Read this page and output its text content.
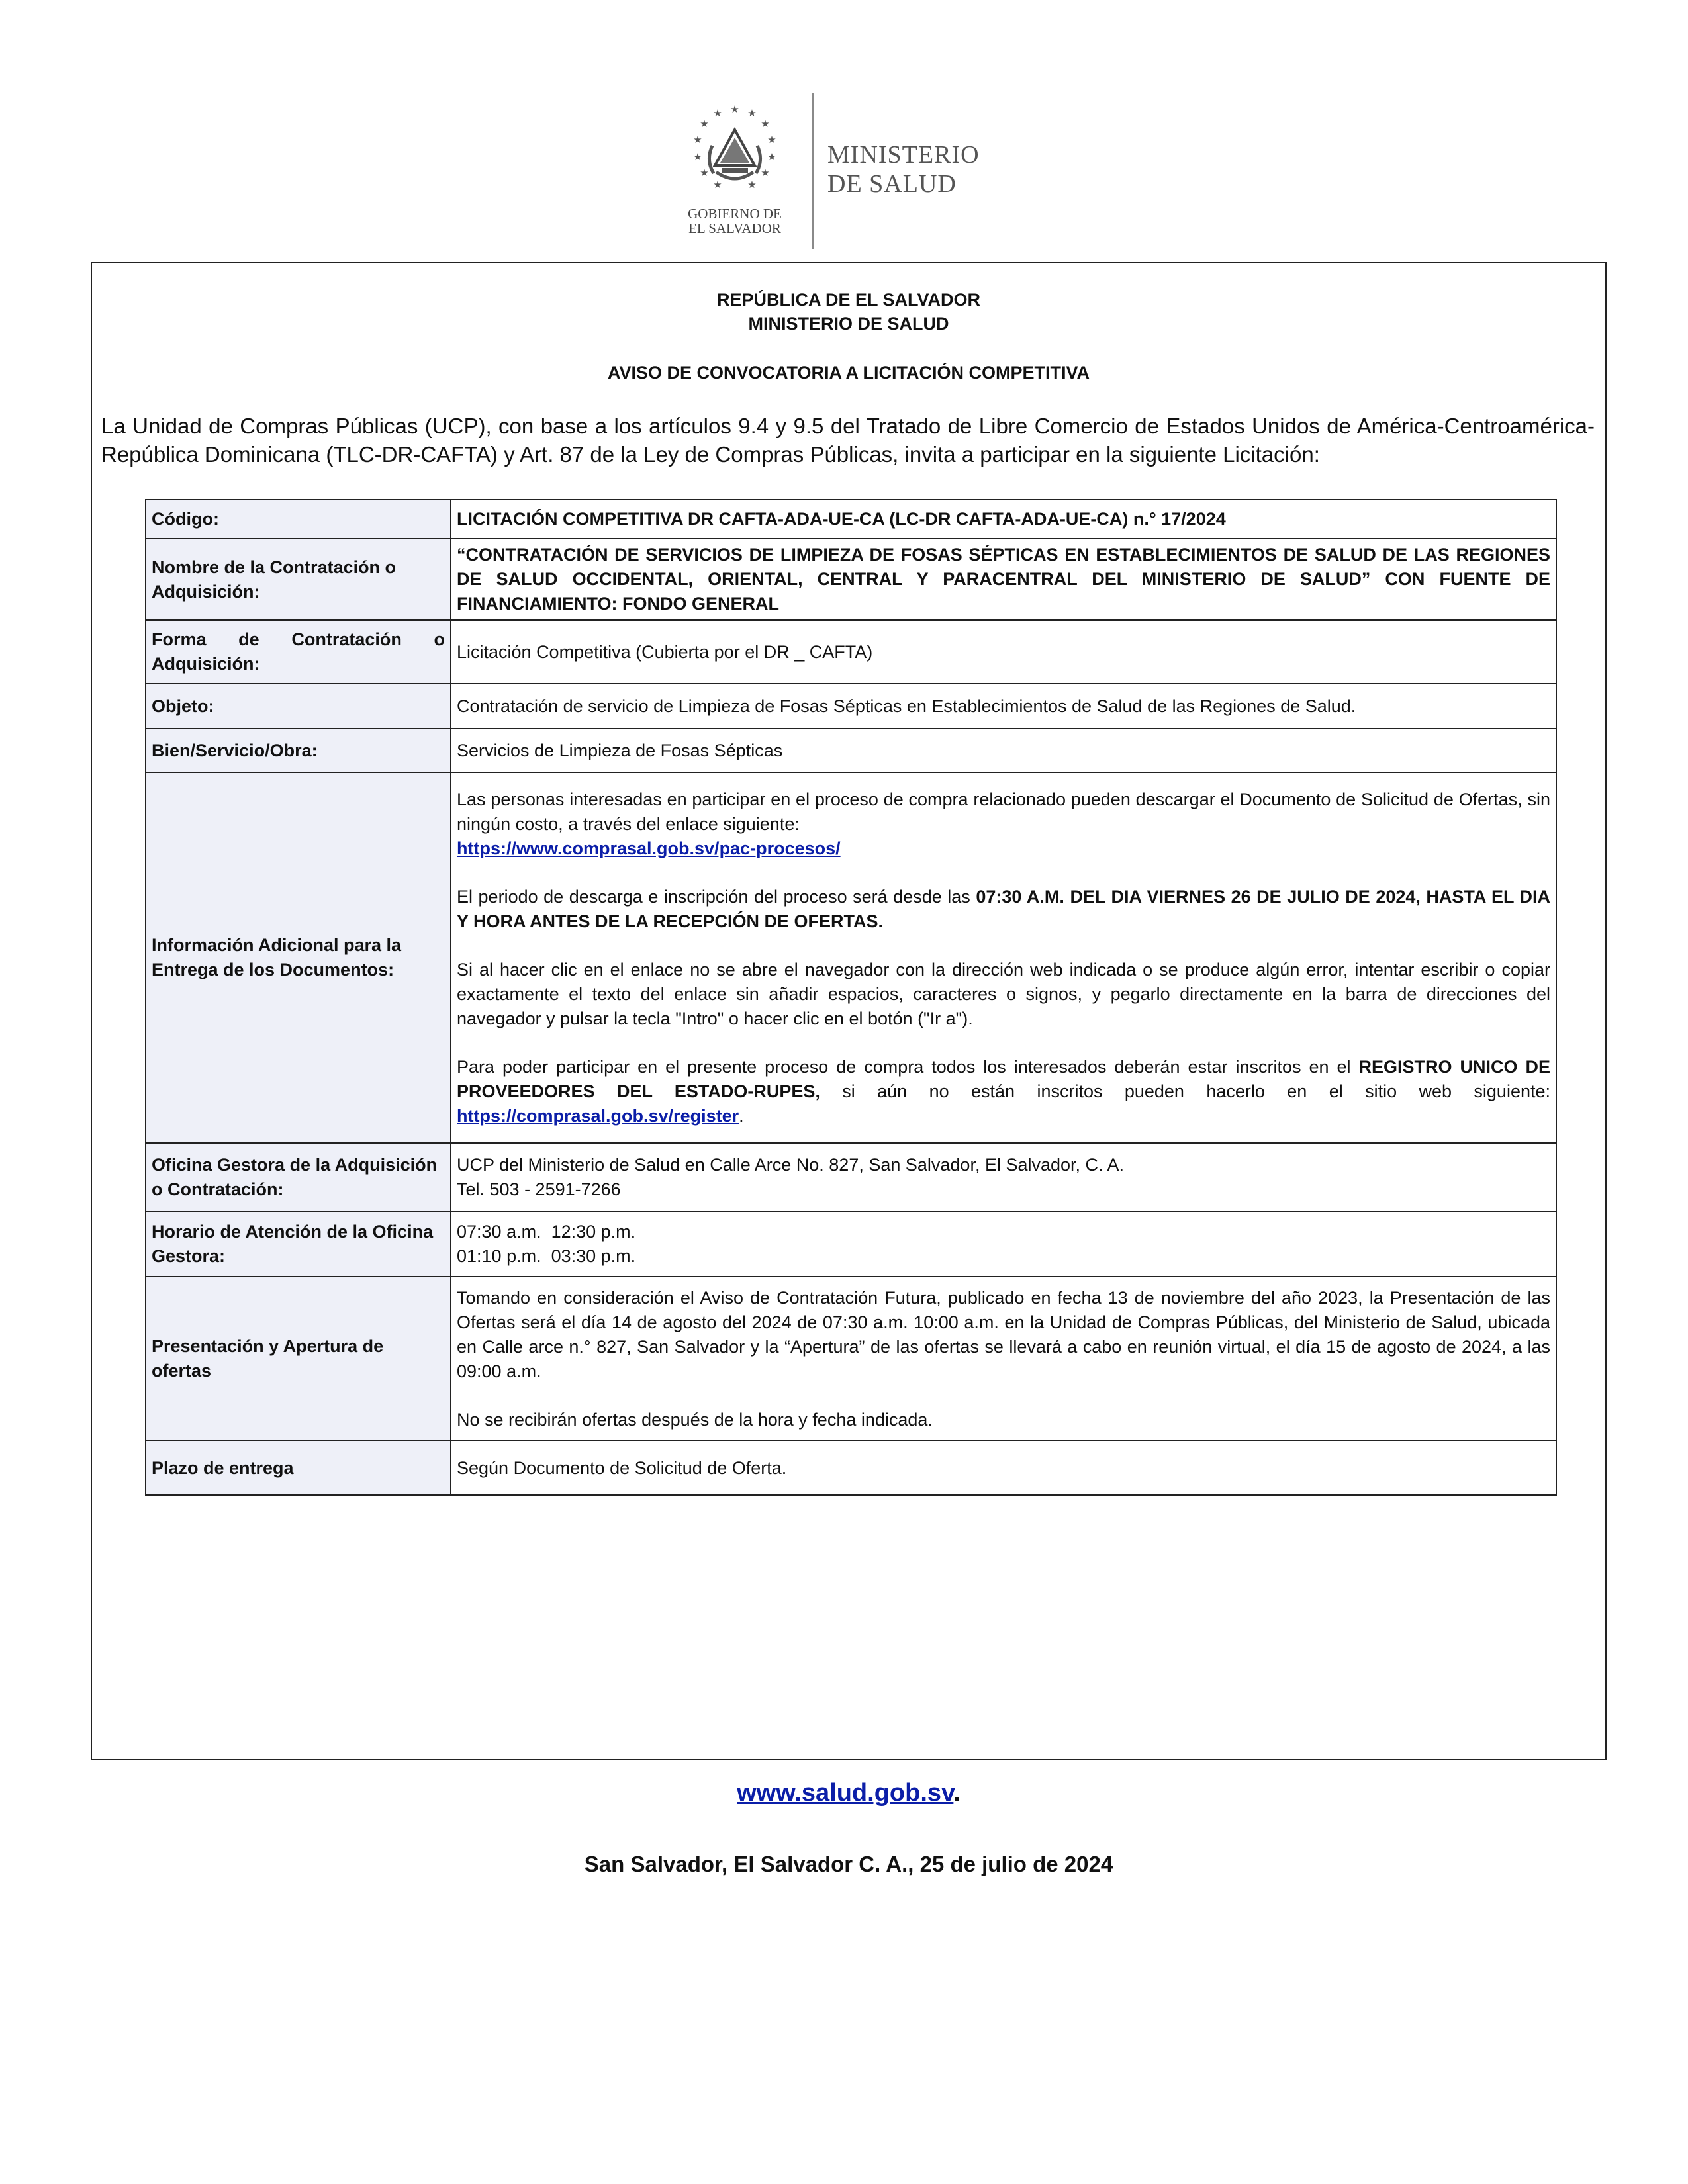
★ ★
★
★
★
★
★
★
★
★
★
★
★
GOBIERNO DE
EL SALVADOR
MINISTERIO
DE SALUD
REPÚBLICA DE EL SALVADOR
MINISTERIO DE SALUD
AVISO DE CONVOCATORIA A LICITACIÓN COMPETITIVA
La Unidad de Compras Públicas (UCP), con base a los artículos 9.4 y 9.5 del Tratado de Libre Comercio de Estados Unidos de América-Centroamérica-República Dominicana (TLC-DR-CAFTA) y Art. 87 de la Ley de Compras Públicas, invita a participar en la siguiente Licitación:
Código:	LICITACIÓN COMPETITIVA DR CAFTA-ADA-UE-CA (LC-DR CAFTA-ADA-UE-CA) n.° 17/2024
Nombre de la Contratación o Adquisición:	“CONTRATACIÓN DE SERVICIOS DE LIMPIEZA DE FOSAS SÉPTICAS EN ESTABLECIMIENTOS DE SALUD DE LAS REGIONES DE SALUD OCCIDENTAL, ORIENTAL, CENTRAL Y PARACENTRAL DEL MINISTERIO DE SALUD” CON FUENTE DE FINANCIAMIENTO: FONDO GENERAL
Forma de Contratación o Adquisición:	Licitación Competitiva (Cubierta por el DR _ CAFTA)
Objeto:	Contratación de servicio de Limpieza de Fosas Sépticas en Establecimientos de Salud de las Regiones de Salud.
Bien/Servicio/Obra:	Servicios de Limpieza de Fosas Sépticas
Información Adicional para la Entrega de los Documentos:	Las personas interesadas en participar en el proceso de compra relacionado pueden descargar el Documento de Solicitud de Ofertas, sin ningún costo, a través del enlace siguiente:
https://www.comprasal.gob.sv/pac-procesos/

El periodo de descarga e inscripción del proceso será desde las 07:30 A.M. DEL DIA VIERNES 26 DE JULIO DE 2024, HASTA EL DIA Y HORA ANTES DE LA RECEPCIÓN DE OFERTAS.

Si al hacer clic en el enlace no se abre el navegador con la dirección web indicada o se produce algún error, intentar escribir o copiar exactamente el texto del enlace sin añadir espacios, caracteres o signos, y pegarlo directamente en la barra de direcciones del navegador y pulsar la tecla "Intro" o hacer clic en el botón ("Ir a").

Para poder participar en el presente proceso de compra todos los interesados deberán estar inscritos en el REGISTRO UNICO DE PROVEEDORES DEL ESTADO-RUPES, si aún no están inscritos pueden hacerlo en el sitio web siguiente: https://comprasal.gob.sv/register.

Oficina Gestora de la Adquisición o Contratación:	UCP del Ministerio de Salud en Calle Arce No. 827, San Salvador, El Salvador, C. A.
Tel. 503 - 2591-7266

Horario de Atención de la Oficina Gestora:	07:30 a.m.  12:30 p.m.
01:10 p.m.  03:30 p.m.

Presentación y Apertura de ofertas	Tomando en consideración el Aviso de Contratación Futura, publicado en fecha 13 de noviembre del año 2023, la Presentación de las Ofertas será el día 14 de agosto del 2024 de 07:30 a.m. 10:00 a.m. en la Unidad de Compras Públicas, del Ministerio de Salud, ubicada en Calle arce n.° 827, San Salvador y la “Apertura” de las ofertas se llevará a cabo en reunión virtual, el día 15 de agosto de 2024, a las 09:00 a.m.

No se recibirán ofertas después de la hora y fecha indicada.

Plazo de entrega	Según Documento de Solicitud de Oferta.
www.salud.gob.sv.
San Salvador, El Salvador C. A., 25 de julio de 2024
